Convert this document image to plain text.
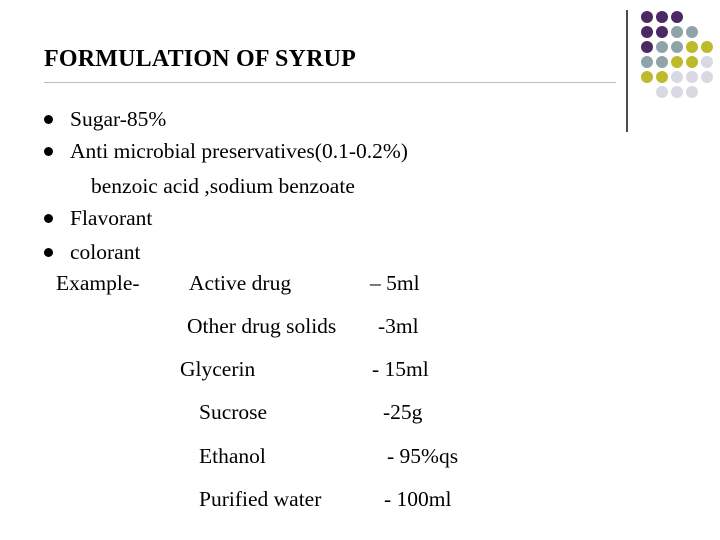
FORMULATION OF SYRUP
Sugar-85%
Anti microbial preservatives(0.1-0.2%)
benzoic acid ,sodium benzoate
Flavorant
colorant
Example- Active drug	– 5ml
Other drug solids -3ml
Glycerin	- 15ml
Sucrose	-25g
Ethanol	- 95%qs
Purified water	- 100ml
